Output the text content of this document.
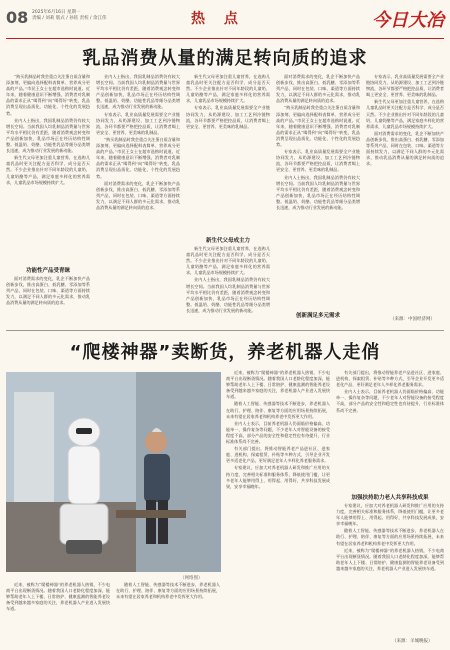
08 2025年6月16日 星期一
责编 / 刘莉 版式 / 孙铭 责校 / 余江伟	热 点	今日大冶
乳品消费从量的满足转向质的追求

“购买乳制品时我会重点关注蛋白质含量和添加剂，更偏向选择配料表简单、营养成分更高的产品。”市民王女士在超市选购时说道。近年来，随着健康意识不断增强，消费者对乳制品的需求正从“喝得到”向“喝得好”转变，乳品消费呈现出品质化、功能化、个性化的发展趋势。

业内人士指出，我国乳制品消费仍有较大增长空间。当前我国人均乳制品消费量与世界平均水平相比仍有差距，随着消费观念转变和产品创新加快，乳品市场正在经历结构性调整。低温奶、奶酪、功能性乳品等细分品类增长迅速，成为推动行业发展的新动能。

新生代父母更加注重儿童营养，在选购儿童乳品时更关注配方是否科学、成分是否天然。不少企业推出针对不同年龄段的儿童奶、儿童奶酪等产品，满足家庭多样化的营养需求，儿童乳品市场规模持续扩大。

功能性产品受青睐

面对消费需求的变化，乳企不断加快产品创新步伐，推出高蛋白、低乳糖、零添加等系列产品，同时在包装、口味、渠道等方面持续发力，以满足不同人群的多元化需求，推动乳品消费从量的满足转向质的追求。

业内人士指出，我国乳制品消费仍有较大增长空间。当前我国人均乳制品消费量与世界平均水平相比仍有差距，随着消费观念转变和产品创新加快，乳品市场正在经历结构性调整。低温奶、奶酪、功能性乳品等细分品类增长迅速，成为推动行业发展的新动能。

专家表示，乳业高质量发展需要全产业链协同发力，从奶源建设、加工工艺到冷链物流，各环节都要严格把控品质，让消费者喝上更安全、更营养、更美味的乳制品。

“购买乳制品时我会重点关注蛋白质含量和添加剂，更偏向选择配料表简单、营养成分更高的产品。”市民王女士在超市选购时说道。近年来，随着健康意识不断增强，消费者对乳制品的需求正从“喝得到”向“喝得好”转变，乳品消费呈现出品质化、功能化、个性化的发展趋势。

面对消费需求的变化，乳企不断加快产品创新步伐，推出高蛋白、低乳糖、零添加等系列产品，同时在包装、口味、渠道等方面持续发力，以满足不同人群的多元化需求，推动乳品消费从量的满足转向质的追求。

新生代父母更加注重儿童营养，在选购儿童乳品时更关注配方是否科学、成分是否天然。不少企业推出针对不同年龄段的儿童奶、儿童奶酪等产品，满足家庭多样化的营养需求，儿童乳品市场规模持续扩大。

专家表示，乳业高质量发展需要全产业链协同发力，从奶源建设、加工工艺到冷链物流，各环节都要严格把控品质，让消费者喝上更安全、更营养、更美味的乳制品。

新生代父母成主力

新生代父母更加注重儿童营养，在选购儿童乳品时更关注配方是否科学、成分是否天然。不少企业推出针对不同年龄段的儿童奶、儿童奶酪等产品，满足家庭多样化的营养需求，儿童乳品市场规模持续扩大。

业内人士指出，我国乳制品消费仍有较大增长空间。当前我国人均乳制品消费量与世界平均水平相比仍有差距，随着消费观念转变和产品创新加快，乳品市场正在经历结构性调整。低温奶、奶酪、功能性乳品等细分品类增长迅速，成为推动行业发展的新动能。

面对消费需求的变化，乳企不断加快产品创新步伐，推出高蛋白、低乳糖、零添加等系列产品，同时在包装、口味、渠道等方面持续发力，以满足不同人群的多元化需求，推动乳品消费从量的满足转向质的追求。

“购买乳制品时我会重点关注蛋白质含量和添加剂，更偏向选择配料表简单、营养成分更高的产品。”市民王女士在超市选购时说道。近年来，随着健康意识不断增强，消费者对乳制品的需求正从“喝得到”向“喝得好”转变，乳品消费呈现出品质化、功能化、个性化的发展趋势。

专家表示，乳业高质量发展需要全产业链协同发力，从奶源建设、加工工艺到冷链物流，各环节都要严格把控品质，让消费者喝上更安全、更营养、更美味的乳制品。

业内人士指出，我国乳制品消费仍有较大增长空间。当前我国人均乳制品消费量与世界平均水平相比仍有差距，随着消费观念转变和产品创新加快，乳品市场正在经历结构性调整。低温奶、奶酪、功能性乳品等细分品类增长迅速，成为推动行业发展的新动能。

专家表示，乳业高质量发展需要全产业链协同发力，从奶源建设、加工工艺到冷链物流，各环节都要严格把控品质，让消费者喝上更安全、更营养、更美味的乳制品。

新生代父母更加注重儿童营养，在选购儿童乳品时更关注配方是否科学、成分是否天然。不少企业推出针对不同年龄段的儿童奶、儿童奶酪等产品，满足家庭多样化的营养需求，儿童乳品市场规模持续扩大。

面对消费需求的变化，乳企不断加快产品创新步伐，推出高蛋白、低乳糖、零添加等系列产品，同时在包装、口味、渠道等方面持续发力，以满足不同人群的多元化需求，推动乳品消费从量的满足转向质的追求。

创新满足多元需求
（来源：中国经济网）
“爬楼神器”卖断货，养老机器人走俏
（网络图）

近来，被称为“爬楼神器”的养老机器人热销，不少电商平台出现断货情况。随着我国人口老龄化程度加深，能够帮助老年人上下楼、日常陪护、健康监测的智能养老设备受到越来越多家庭的关注，养老机器人产业进入发展快车道。

随着人工智能、传感器等技术不断进步，养老机器人在助行、护理、陪伴、康复等方面的应用场景持续拓展，未来有望在居家养老和机构养老中发挥更大作用。

近来，被称为“爬楼神器”的养老机器人热销，不少电商平台出现断货情况。随着我国人口老龄化程度加深，能够帮助老年人上下楼、日常陪护、健康监测的智能养老设备受到越来越多家庭的关注，养老机器人产业进入发展快车道。

随着人工智能、传感器等技术不断进步，养老机器人在助行、护理、陪伴、康复等方面的应用场景持续拓展，未来有望在居家养老和机构养老中发挥更大作用。

业内人士表示，目前养老机器人仍面临价格偏高、功能单一、操作复杂等问题，不少老年人对智能设备的接受程度不高，部分产品的安全性和稳定性也有待提升，行业标准体系尚不完善。

有关部门提出，将推动智能养老产品进社区、进家庭、进机构，探索租赁、补贴等多种方式，引导企业开发更多适老化产品，更好满足老年人多样化养老服务需求。

专家建议，应加大对养老机器人研发和推广应用的支持力度，完善相关标准和服务体系，降低使用门槛，让更多老年人能够用得上、用得起、用得好，共享科技发展成果，安享幸福晚年。

有关部门提出，将推动智能养老产品进社区、进家庭、进机构，探索租赁、补贴等多种方式，引导企业开发更多适老化产品，更好满足老年人多样化养老服务需求。

业内人士表示，目前养老机器人仍面临价格偏高、功能单一、操作复杂等问题，不少老年人对智能设备的接受程度不高，部分产品的安全性和稳定性也有待提升，行业标准体系尚不完善。

加强扶持助力老人共享科技成果

专家建议，应加大对养老机器人研发和推广应用的支持力度，完善相关标准和服务体系，降低使用门槛，让更多老年人能够用得上、用得起、用得好，共享科技发展成果，安享幸福晚年。

随着人工智能、传感器等技术不断进步，养老机器人在助行、护理、陪伴、康复等方面的应用场景持续拓展，未来有望在居家养老和机构养老中发挥更大作用。

近来，被称为“爬楼神器”的养老机器人热销，不少电商平台出现断货情况。随着我国人口老龄化程度加深，能够帮助老年人上下楼、日常陪护、健康监测的智能养老设备受到越来越多家庭的关注，养老机器人产业进入发展快车道。

（来源：羊城晚报）
